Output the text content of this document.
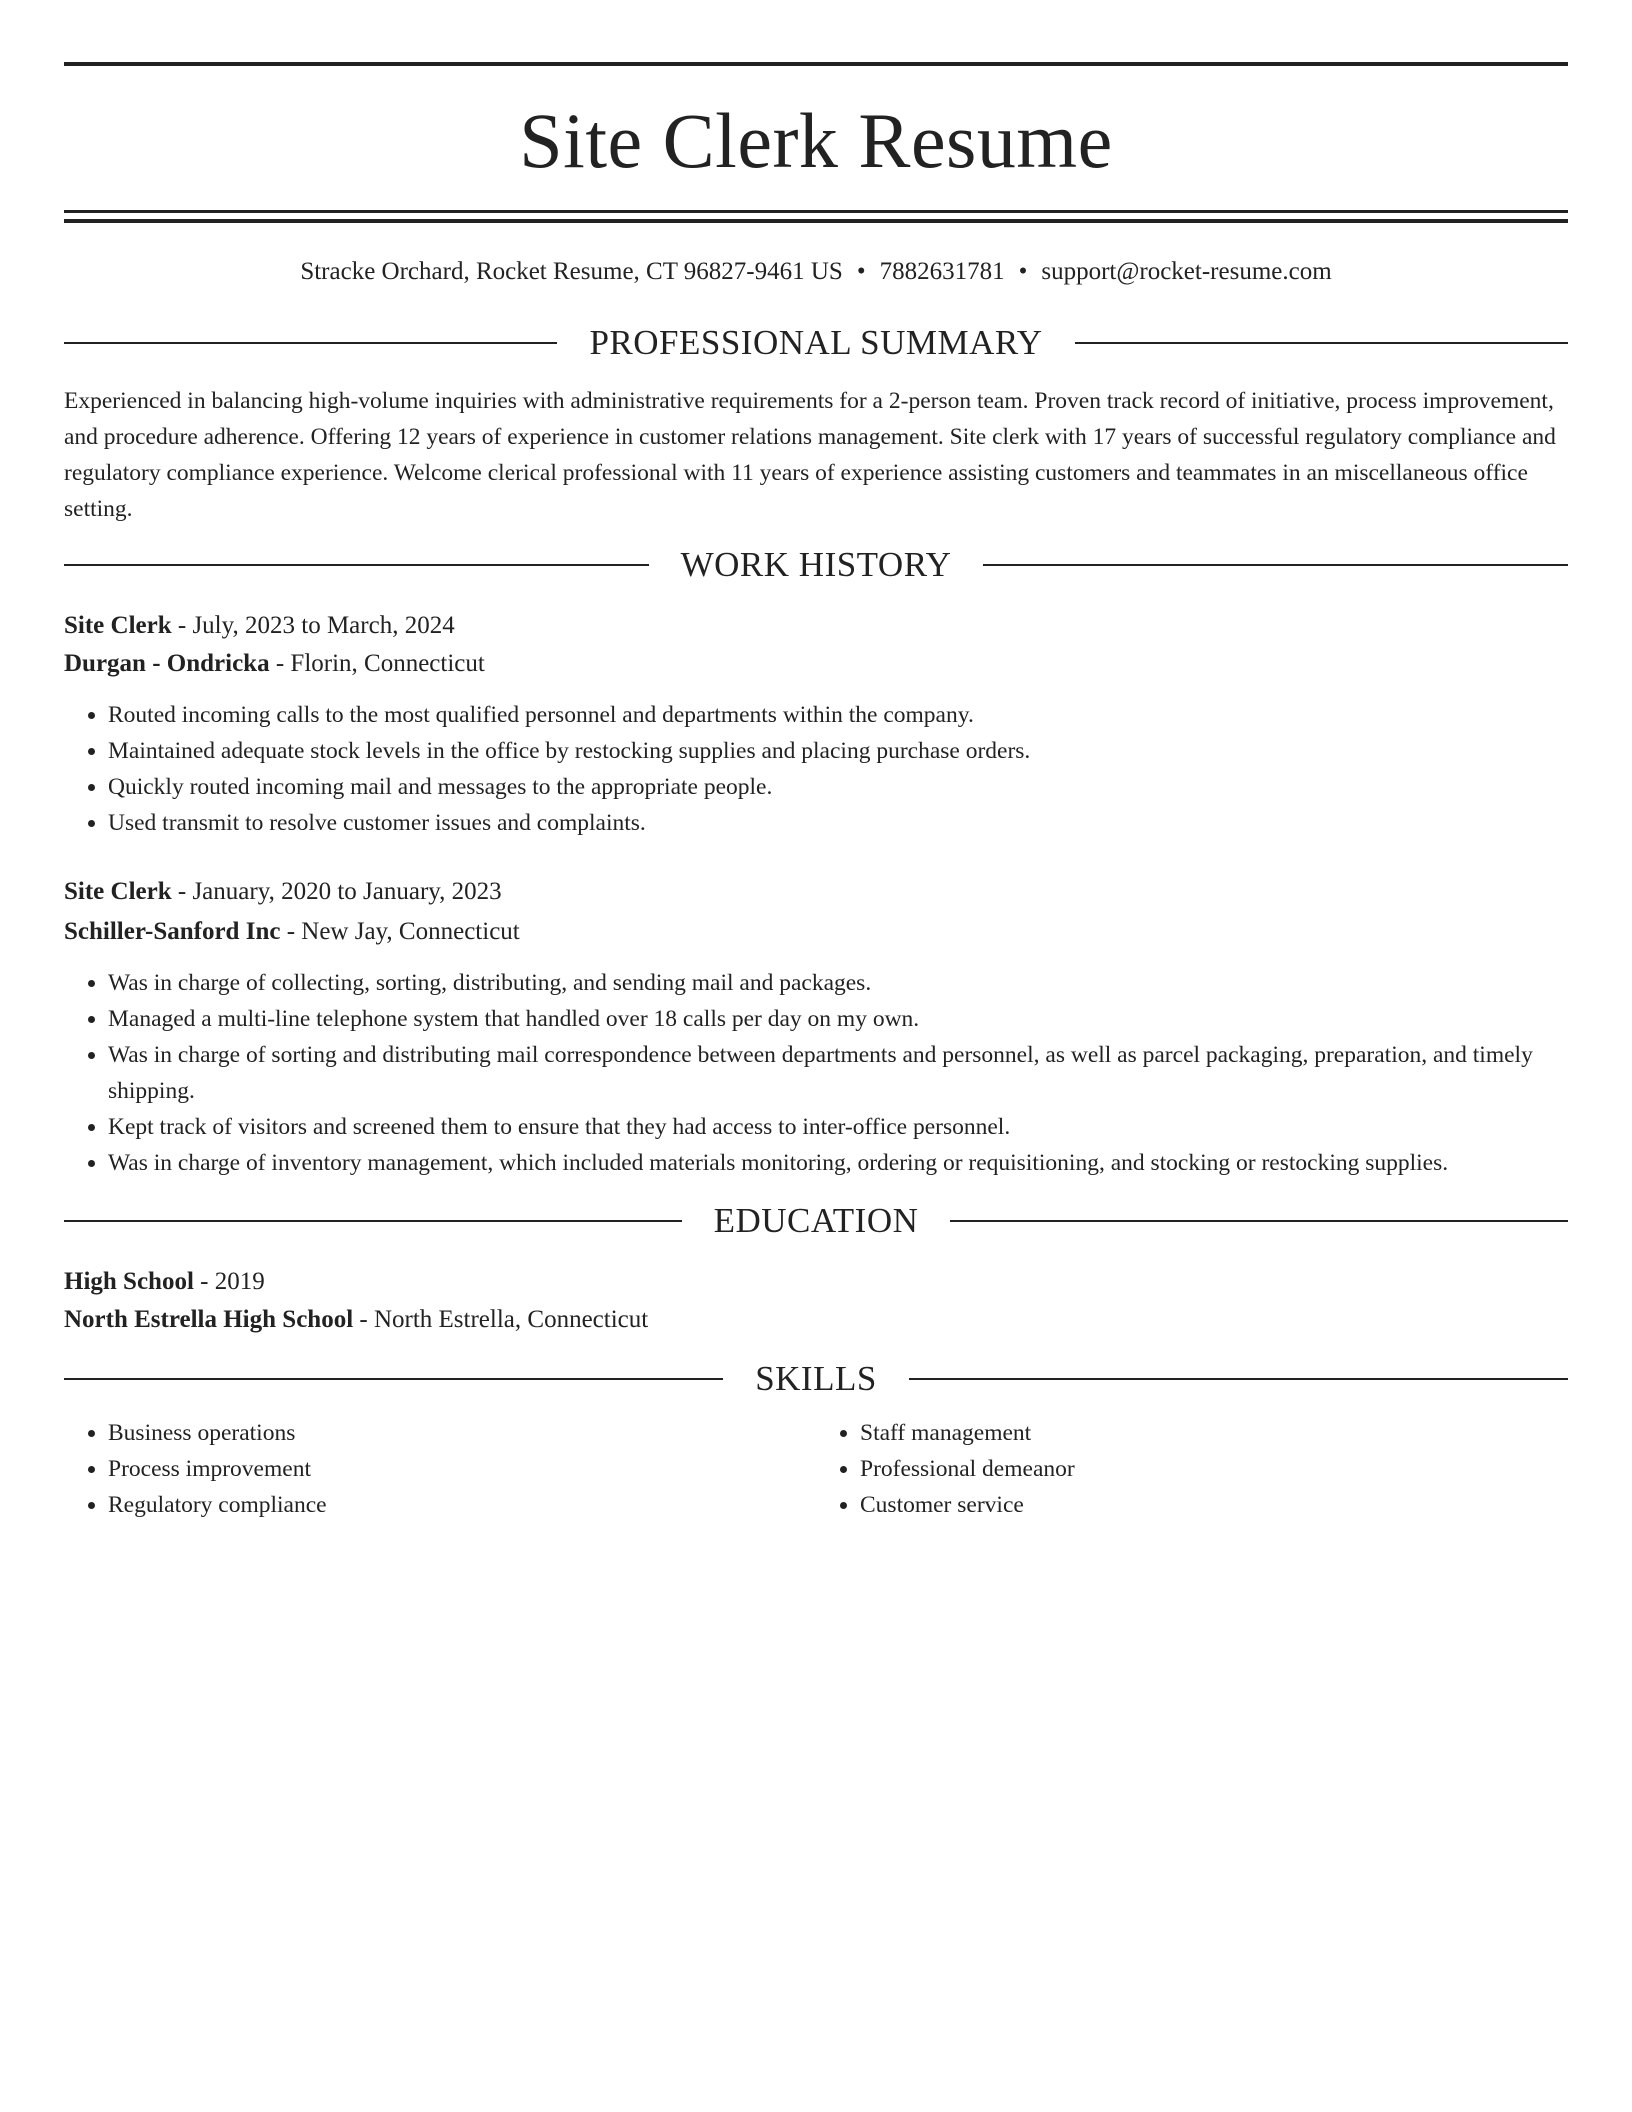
Site Clerk Resume
Stracke Orchard, Rocket Resume, CT 96827-9461 US • 7882631781 • support@rocket-resume.com
PROFESSIONAL SUMMARY

Experienced in balancing high-volume inquiries with administrative requirements for a 2-person team. Proven track record of initiative, process improvement, and procedure adherence. Offering 12 years of experience in customer relations management. Site clerk with 17 years of successful regulatory compliance and regulatory compliance experience. Welcome clerical professional with 11 years of experience assisting customers and teammates in an miscellaneous office setting.

WORK HISTORY
Site Clerk - July, 2023 to March, 2024
Durgan - Ondricka - Florin, Connecticut
• Routed incoming calls to the most qualified personnel and departments within the company.
• Maintained adequate stock levels in the office by restocking supplies and placing purchase orders.
• Quickly routed incoming mail and messages to the appropriate people.
• Used transmit to resolve customer issues and complaints.
Site Clerk - January, 2020 to January, 2023
Schiller-Sanford Inc - New Jay, Connecticut
• Was in charge of collecting, sorting, distributing, and sending mail and packages.
• Managed a multi-line telephone system that handled over 18 calls per day on my own.
• Was in charge of sorting and distributing mail correspondence between departments and personnel, as well as parcel packaging, preparation, and timely shipping.
• Kept track of visitors and screened them to ensure that they had access to inter-office personnel.
• Was in charge of inventory management, which included materials monitoring, ordering or requisitioning, and stocking or restocking supplies.
EDUCATION
High School - 2019
North Estrella High School - North Estrella, Connecticut
SKILLS
• Business operations
• Process improvement
• Regulatory compliance
• Staff management
• Professional demeanor
• Customer service
